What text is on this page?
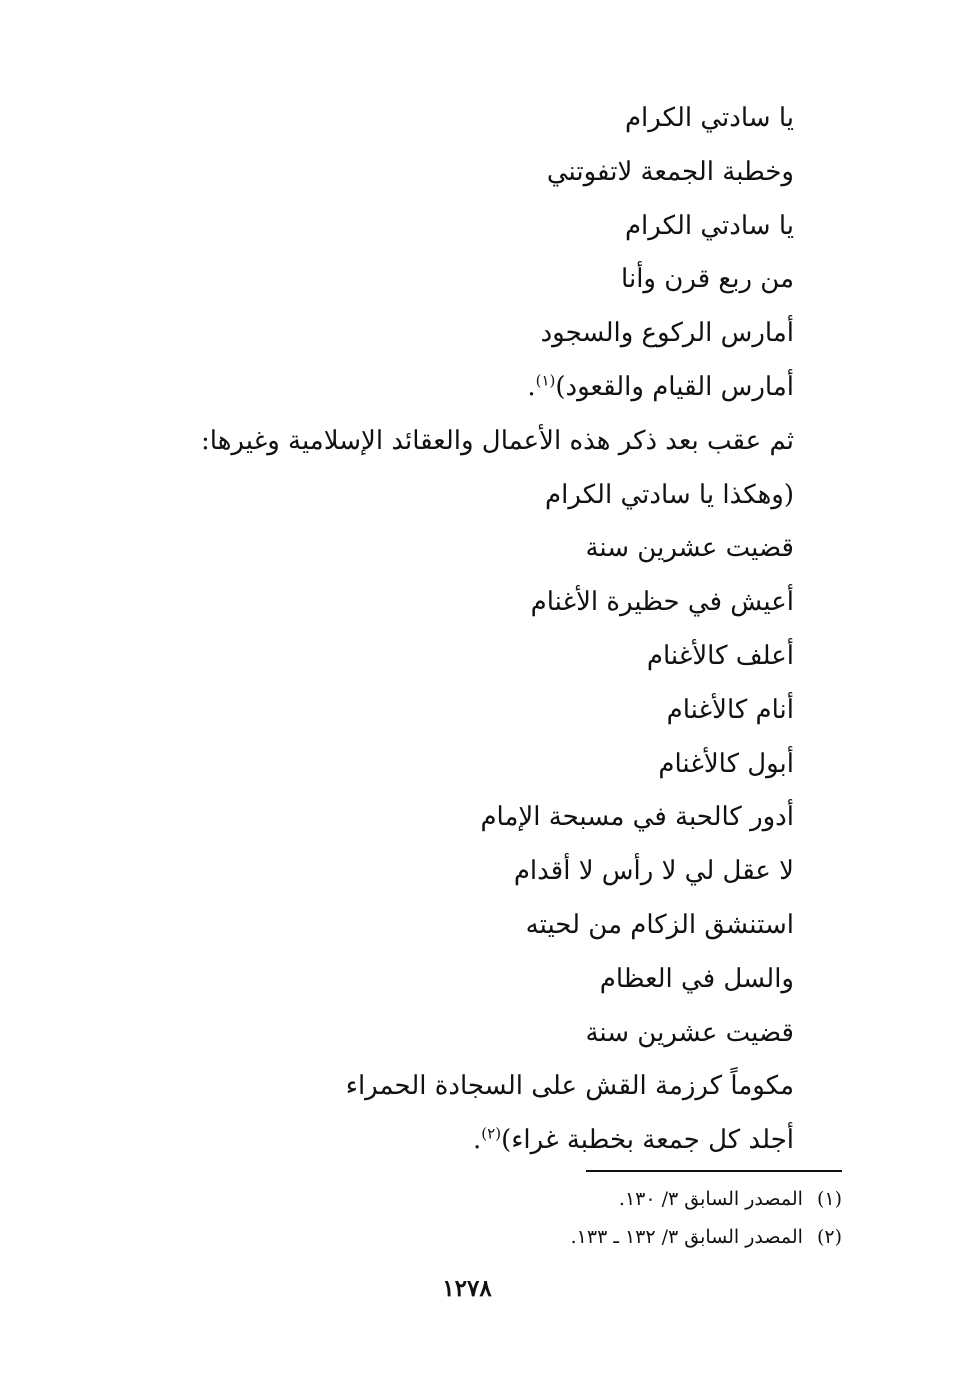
يا سادتي الكرام
وخطبة الجمعة لاتفوتني
يا سادتي الكرام
من ربع قرن وأنا
أمارس الركوع والسجود
أمارس القيام والقعود)$^{(١)}$.
ثم عقب بعد ذكر هذه الأعمال والعقائد الإسلامية وغيرها:
(وهكذا يا سادتي الكرام
قضيت عشرين سنة
أعيش في حظيرة الأغنام
أعلف كالأغنام
أنام كالأغنام
أبول كالأغنام
أدور كالحبة في مسبحة الإمام
لا عقل لي لا رأس لا أقدام
استنشق الزكام من لحيته
والسل في العظام
قضيت عشرين سنة
مكوماً كرزمة القش على السجادة الحمراء
أجلد كل جمعة بخطبة غراء)$^{(٢)}$.
(١)المصدر السابق ٣/ ١٣٠.
(٢)المصدر السابق ٣/ ١٣٢ ـ ١٣٣.
١٢٧٨
